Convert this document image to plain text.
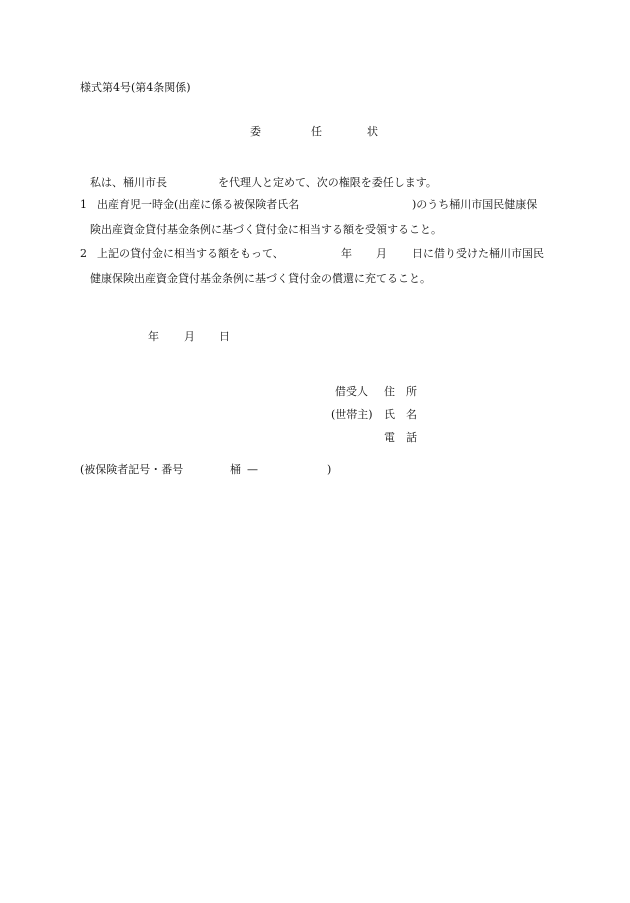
様式第4号(第4条関係)
委	任	状
私は、桶川市長	を代理人と定めて、次の権限を委任します。
1 出産育児一時金(出産に係る被保険者氏名	)のうち桶川市国民健康保
険出産資金貸付基金条例に基づく貸付金に相当する額を受領すること。
2 上記の貸付金に相当する額をもって、	年 月 日に借り受けた桶川市国民
健康保険出産資金貸付基金条例に基づく貸付金の償還に充てること。
年 月 日
借受人 住　所
(世帯主) 氏　名
電　話
(被保険者記号・番号	桶 —	)
